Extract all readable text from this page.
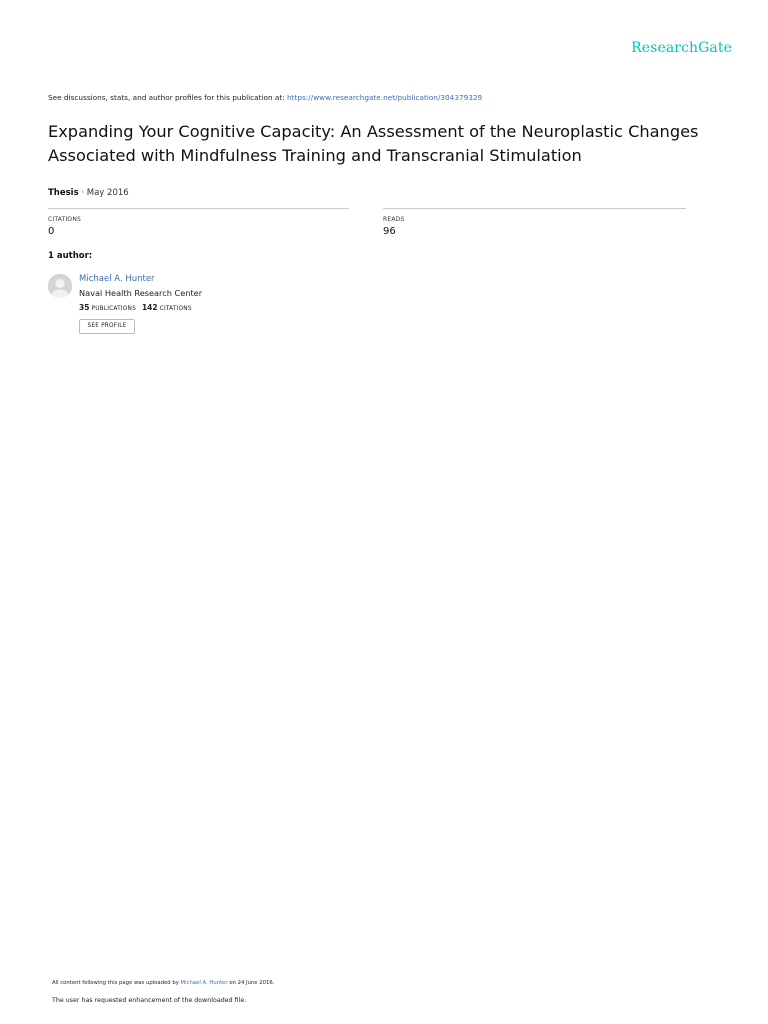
ResearchGate
See discussions, stats, and author profiles for this publication at: https://www.researchgate.net/publication/304379329
Expanding Your Cognitive Capacity: An Assessment of the Neuroplastic Changes Associated with Mindfulness Training and Transcranial Stimulation
Thesis · May 2016
CITATIONS
0
READS
96
1 author:
Michael A. Hunter
Naval Health Research Center
35 PUBLICATIONS 142 CITATIONS
SEE PROFILE
All content following this page was uploaded by Michael A. Hunter on 24 June 2016.
The user has requested enhancement of the downloaded file.
